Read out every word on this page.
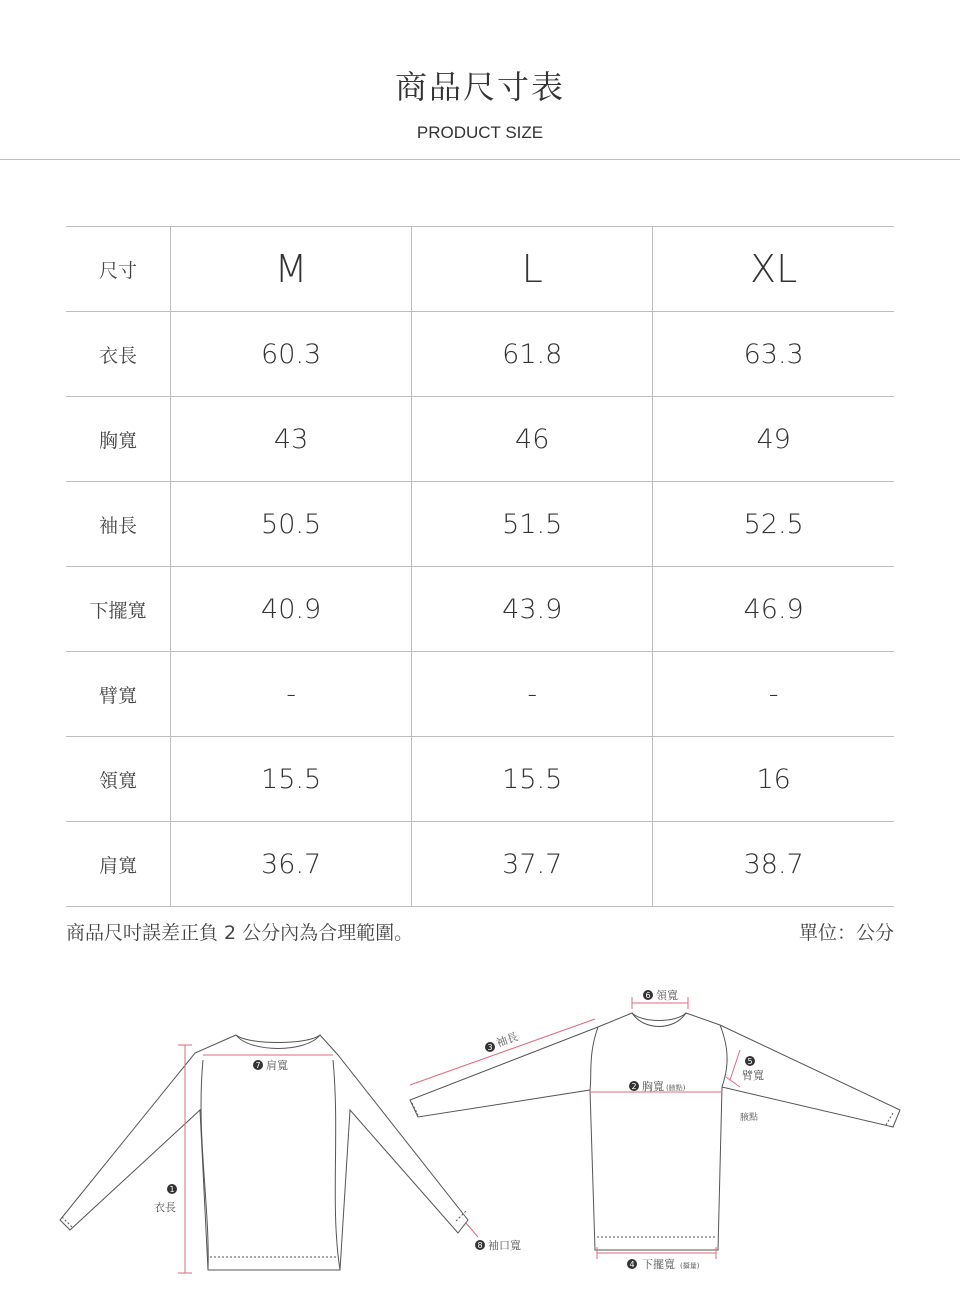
商品尺寸表
PRODUCT SIZE
尺寸	M	L	XL
衣長	60.3	61.8	63.3
胸寬	43	46	49
袖長	50.5	51.5	52.5
下擺寬	40.9	43.9	46.9
臂寬	-	-	-
領寬	15.5	15.5	16
肩寬	36.7	37.7	38.7
商品尺吋誤差正負 2 公分內為合理範圍。	單位：公分
7 肩寬
1
衣長
8 袖口寬
3 袖長
6 領寬
2 胸寬 (腋點)
5
臂寬
腋點
4 下擺寬 (攝量)
